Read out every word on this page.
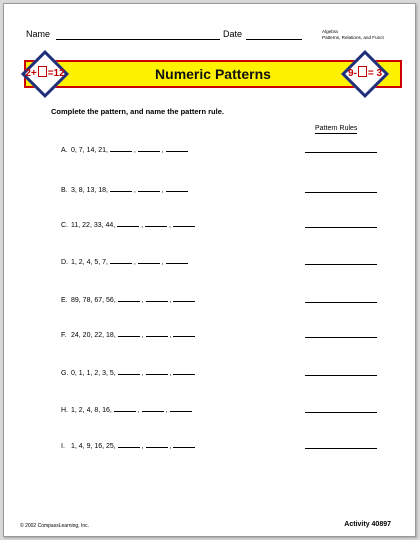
Name	Date	Algebra
Patterns, Relations, and Funct
Numeric Patterns
2+ =12	9- = 3
Complete the pattern, and name the pattern rule.
Pattern Rules
A. 0, 7, 14, 21,	,	,
B. 3, 8, 13, 18,	,	,
C. 11, 22, 33, 44,	,	,
D. 1, 2, 4, 5, 7,	,	,
E. 89, 78, 67, 56,	,	,
F. 24, 20, 22, 18,	,	,
G. 0, 1, 1, 2, 3, 5,	,	,
H. 1, 2, 4, 8, 16,	,	,
I. 1, 4, 9, 16, 25,	,	,
© 2002 CompassLearning, Inc.	Activity 40897
